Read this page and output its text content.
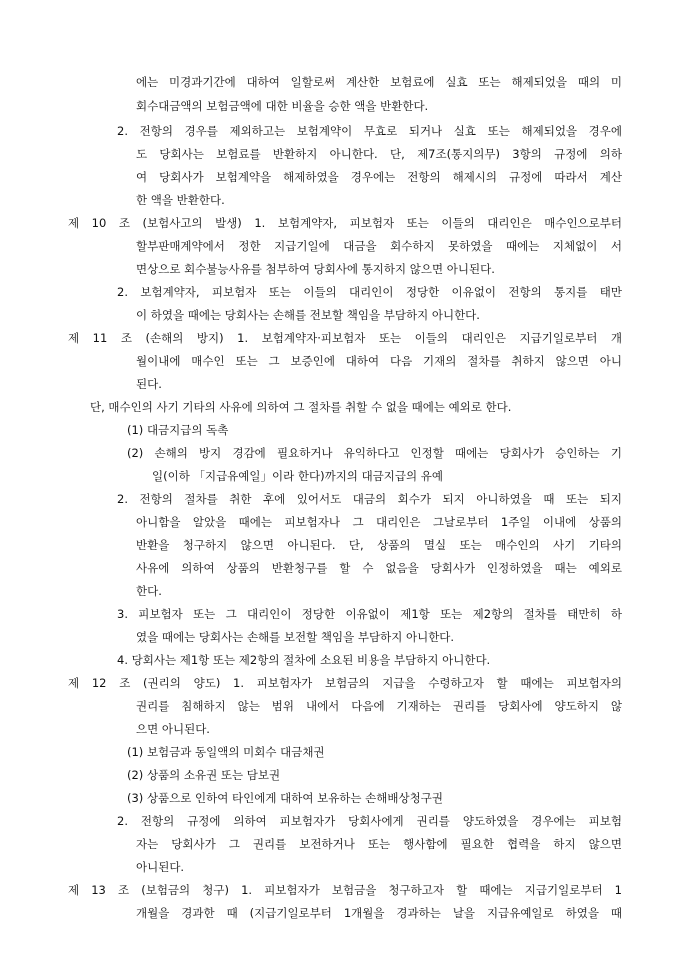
에는 미경과기간에 대하여 일할로써 계산한 보험료에 실효 또는 해제되었을 때의 미
회수대금액의 보험금액에 대한 비율을 승한 액을 반환한다.
2. 전항의 경우를 제외하고는 보험계약이 무효로 되거나 실효 또는 해제되었을 경우에
도 당회사는 보험료를 반환하지 아니한다. 단, 제7조(통지의무) 3항의 규정에 의하
여 당회사가 보험계약을 해제하였을 경우에는 전항의 해제시의 규정에 따라서 계산
한 액을 반환한다.
제 10 조 (보험사고의 발생) 1. 보험계약자, 피보험자 또는 이들의 대리인은 매수인으로부터
할부판매계약에서 정한 지급기일에 대금을 회수하지 못하였을 때에는 지체없이 서
면상으로 회수불능사유를 첨부하여 당회사에 통지하지 않으면 아니된다.
2. 보험계약자, 피보험자 또는 이들의 대리인이 정당한 이유없이 전항의 통지를 태만
이 하였을 때에는 당회사는 손해를 전보할 책임을 부담하지 아니한다.
제 11 조 (손해의 방지) 1. 보험계약자·피보험자 또는 이들의 대리인은 지급기일로부터 개
월이내에 매수인 또는 그 보증인에 대하여 다음 기재의 절차를 취하지 않으면 아니
된다.
단, 매수인의 사기 기타의 사유에 의하여 그 절차를 취할 수 없을 때에는 예외로 한다.
(1) 대금지급의 독촉
(2) 손해의 방지 경감에 필요하거나 유익하다고 인정할 때에는 당회사가 승인하는 기
일(이하 「지급유예일」이라 한다)까지의 대금지급의 유예
2. 전항의 절차를 취한 후에 있어서도 대금의 회수가 되지 아니하였을 때 또는 되지
아니함을 알았을 때에는 피보험자나 그 대리인은 그날로부터 1주일 이내에 상품의
반환을 청구하지 않으면 아니된다. 단, 상품의 멸실 또는 매수인의 사기 기타의
사유에 의하여 상품의 반환청구를 할 수 없음을 당회사가 인정하였을 때는 예외로
한다.
3. 피보험자 또는 그 대리인이 정당한 이유없이 제1항 또는 제2항의 절차를 태만히 하
였을 때에는 당회사는 손해를 보전할 책임을 부담하지 아니한다.
4. 당회사는 제1항 또는 제2항의 절차에 소요된 비용을 부담하지 아니한다.
제 12 조 (권리의 양도) 1. 피보험자가 보험금의 지급을 수령하고자 할 때에는 피보험자의
권리를 침해하지 않는 범위 내에서 다음에 기재하는 권리를 당회사에 양도하지 않
으면 아니된다.
(1) 보험금과 동일액의 미회수 대금채권
(2) 상품의 소유권 또는 담보권
(3) 상품으로 인하여 타인에게 대하여 보유하는 손해배상청구권
2. 전항의 규정에 의하여 피보험자가 당회사에게 권리를 양도하였을 경우에는 피보험
자는 당회사가 그 권리를 보전하거나 또는 행사함에 필요한 협력을 하지 않으면
아니된다.
제 13 조 (보험금의 청구) 1. 피보험자가 보험금을 청구하고자 할 때에는 지급기일로부터 1
개월을 경과한 때 (지급기일로부터 1개월을 경과하는 날을 지급유예일로 하였을 때
